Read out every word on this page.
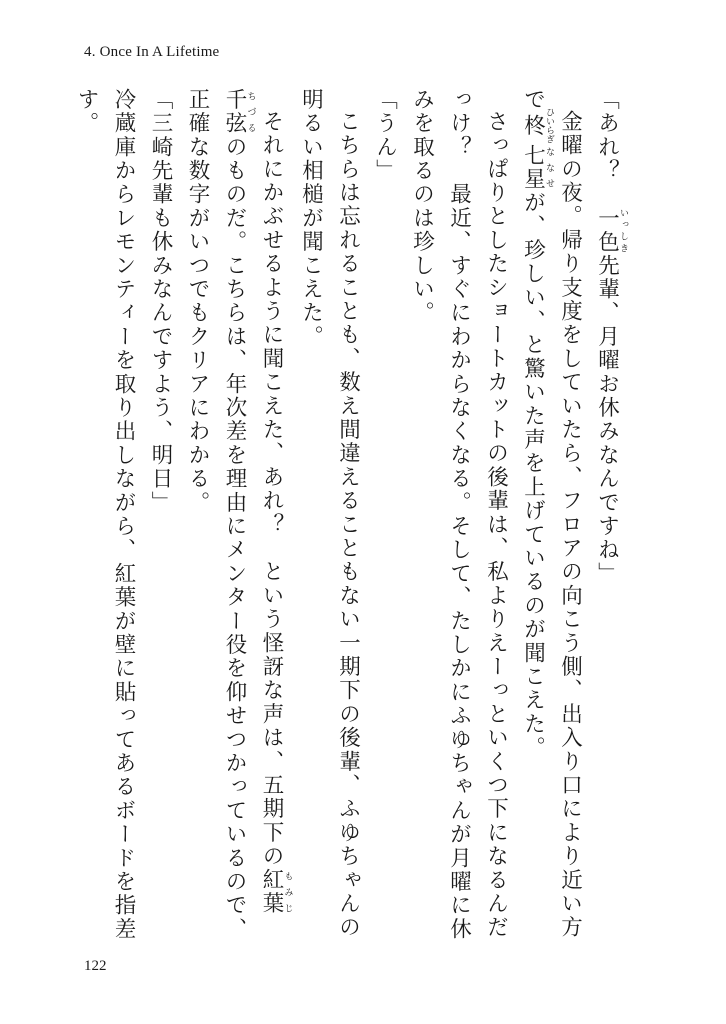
4. Once In A Lifetime

「あれ？　一色いっしき先輩、月曜お休みなんですね」

金曜の夜。帰り支度をしていたら、フロアの向こう側、出入り口により近い方で柊ひいらぎ七星ななせが、珍しい、と驚いた声を上げているのが聞こえた。

さっぱりとしたショートカットの後輩は、私よりえーっといくつ下になるんだっけ？　最近、すぐにわからなくなる。そして、たしかにふゆちゃんが月曜に休みを取るのは珍しい。

「うん」

こちらは忘れることも、数え間違えることもない一期下の後輩、ふゆちゃんの明るい相槌が聞こえた。

それにかぶせるように聞こえた、あれ？　という怪訝な声は、五期下の紅葉もみじ千弦ちづるのものだ。こちらは、年次差を理由にメンター役を仰せつかっているので、正確な数字がいつでもクリアにわかる。

「三崎先輩も休みなんですよう、明日」

冷蔵庫からレモンティーを取り出しながら、紅葉が壁に貼ってあるボードを指差す。

122
